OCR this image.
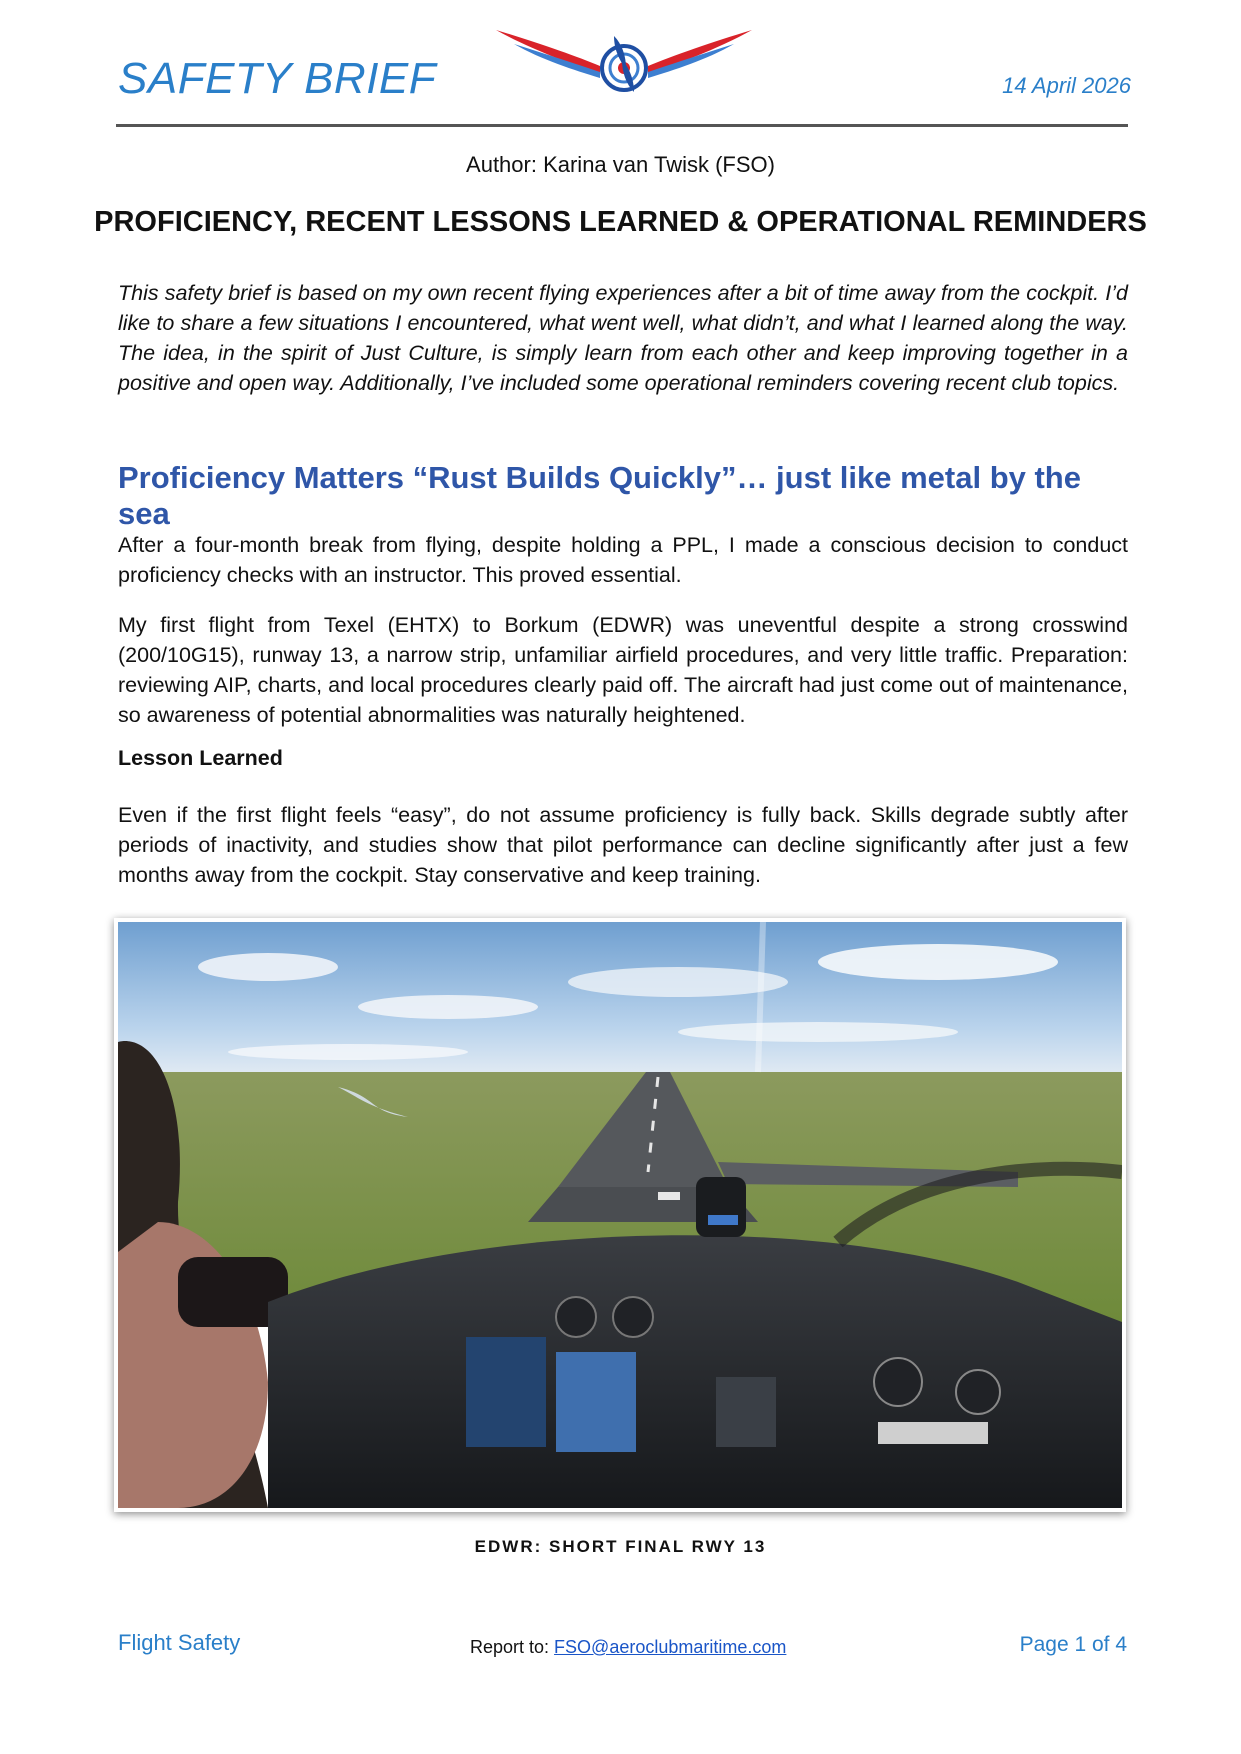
SAFETY BRIEF	14 April 2026
Author: Karina van Twisk (FSO)
PROFICIENCY, RECENT LESSONS LEARNED & OPERATIONAL REMINDERS

This safety brief is based on my own recent flying experiences after a bit of time away from the cockpit. I’d like to share a few situations I encountered, what went well, what didn’t, and what I learned along the way. The idea, in the spirit of Just Culture, is simply learn from each other and keep improving together in a positive and open way. Additionally, I’ve included some operational reminders covering recent club topics.

Proficiency Matters “Rust Builds Quickly”… just like metal by the sea

After a four-month break from flying, despite holding a PPL, I made a conscious decision to conduct proficiency checks with an instructor. This proved essential.

My first flight from Texel (EHTX) to Borkum (EDWR) was uneventful despite a strong crosswind (200/10G15), runway 13, a narrow strip, unfamiliar airfield procedures, and very little traffic. Preparation: reviewing AIP, charts, and local procedures clearly paid off. The aircraft had just come out of maintenance, so awareness of potential abnormalities was naturally heightened.

Lesson Learned

Even if the first flight feels “easy”, do not assume proficiency is fully back. Skills degrade subtly after periods of inactivity, and studies show that pilot performance can decline significantly after just a few months away from the cockpit. Stay conservative and keep training.

EDWR: SHORT FINAL RWY 13
Flight Safety	Report to: FSO@aeroclubmaritime.com	Page 1 of 4
